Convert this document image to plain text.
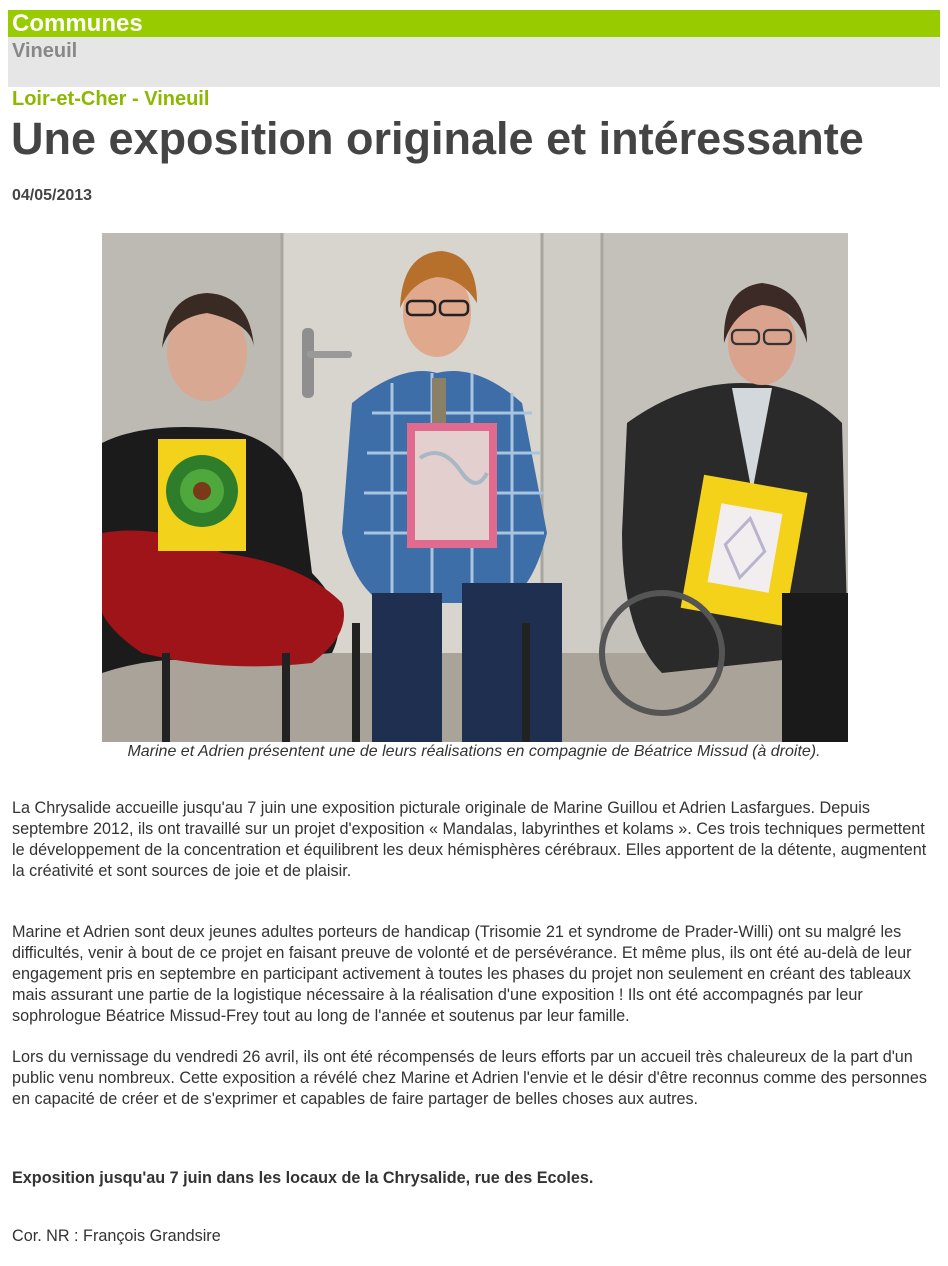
Communes
Vineuil
Loir-et-Cher - Vineuil
Une exposition originale et intéressante
04/05/2013
Marine et Adrien présentent une de leurs réalisations en compagnie de Béatrice Missud (à droite).
La Chrysalide accueille jusqu'au 7 juin une exposition picturale originale de Marine Guillou et Adrien Lasfargues. Depuis septembre 2012, ils ont travaillé sur un projet d'exposition « Mandalas, labyrinthes et kolams ». Ces trois techniques permettent le développement de la concentration et équilibrent les deux hémisphères cérébraux. Elles apportent de la détente, augmentent la créativité et sont sources de joie et de plaisir.
Marine et Adrien sont deux jeunes adultes porteurs de handicap (Trisomie 21 et syndrome de Prader-Willi) ont su malgré les difficultés, venir à bout de ce projet en faisant preuve de volonté et de persévérance. Et même plus, ils ont été au-delà de leur engagement pris en septembre en participant activement à toutes les phases du projet non seulement en créant des tableaux mais assurant une partie de la logistique nécessaire à la réalisation d'une exposition ! Ils ont été accompagnés par leur sophrologue Béatrice Missud-Frey tout au long de l'année et soutenus par leur famille.
Lors du vernissage du vendredi 26 avril, ils ont été récompensés de leurs efforts par un accueil très chaleureux de la part d'un public venu nombreux. Cette exposition a révélé chez Marine et Adrien l'envie et le désir d'être reconnus comme des personnes en capacité de créer et de s'exprimer et capables de faire partager de belles choses aux autres.
Exposition jusqu'au 7 juin dans les locaux de la Chrysalide, rue des Ecoles.
Cor. NR : François Grandsire
